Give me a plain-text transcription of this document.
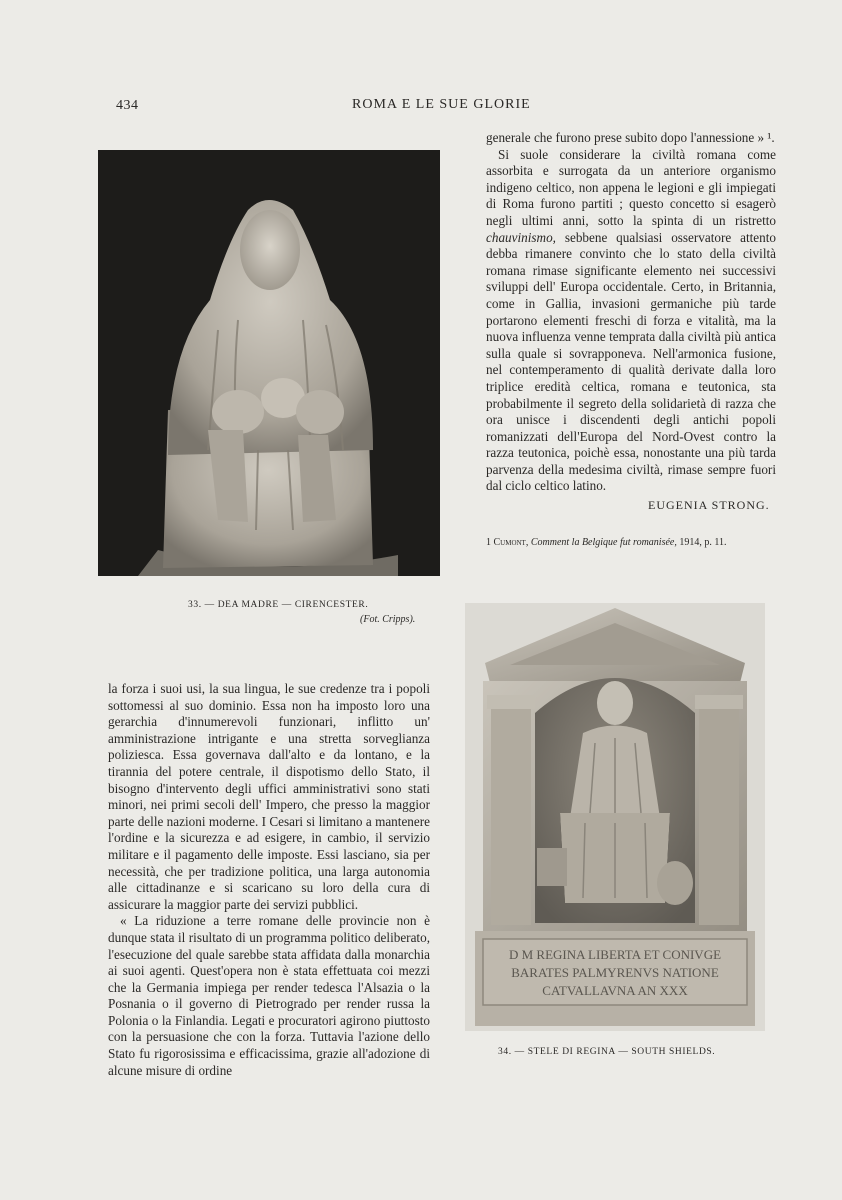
434	ROMA E LE SUE GLORIE
33. — DEA MADRE — CIRENCESTER.
(Fot. Cripps).

generale che furono prese subito dopo l'annessione » ¹.

Si suole considerare la civiltà romana come assorbita e surrogata da un anteriore organismo indigeno celtico, non appena le legioni e gli impiegati di Roma furono partiti ; questo concetto si esagerò negli ultimi anni, sotto la spinta di un ristretto chauvinismo, sebbene qualsiasi osservatore attento debba rimanere convinto che lo stato della civiltà romana rimase significante elemento nei successivi sviluppi dell' Europa occidentale. Certo, in Britannia, come in Gallia, invasioni germaniche più tarde portarono elementi freschi di forza e vitalità, ma la nuova influenza venne temprata dalla civiltà più antica sulla quale si sovrapponeva. Nell'armonica fusione, nel contemperamento di qualità derivate dalla loro triplice eredità celtica, romana e teutonica, sta probabilmente il segreto della solidarietà di razza che ora unisce i discendenti degli antichi popoli romanizzati dell'Europa del Nord-Ovest contro la razza teutonica, poichè essa, nonostante una più tarda parvenza della medesima civiltà, rimase sempre fuori dal ciclo celtico latino.

EUGENIA STRONG.
1 Cumont, Comment la Belgique fut romanisée, 1914, p. 11.
D M REGINA LIBERTA ET CONIVGE
BARATES PALMYRENVS NATIONE
CATVALLAVNA AN XXX
34. — STELE DI REGINA — SOUTH SHIELDS.

la forza i suoi usi, la sua lingua, le sue credenze tra i popoli sottomessi al suo dominio. Essa non ha imposto loro una gerarchia d'innumerevoli funzionari, inflitto un' amministrazione intrigante e una stretta sorveglianza poliziesca. Essa governava dall'alto e da lontano, e la tirannia del potere centrale, il dispotismo dello Stato, il bisogno d'intervento degli uffici amministrativi sono stati minori, nei primi secoli dell' Impero, che presso la maggior parte delle nazioni moderne. I Cesari si limitano a mantenere l'ordine e la sicurezza e ad esigere, in cambio, il servizio militare e il pagamento delle imposte. Essi lasciano, sia per necessità, che per tradizione politica, una larga autonomia alle cittadinanze e si scaricano su loro della cura di assicurare la maggior parte dei servizi pubblici.

« La riduzione a terre romane delle provincie non è dunque stata il risultato di un programma politico deliberato, l'esecuzione del quale sarebbe stata affidata dalla monarchia ai suoi agenti. Quest'opera non è stata effettuata coi mezzi che la Germania impiega per render tedesca l'Alsazia o la Posnania o il governo di Pietrogrado per render russa la Polonia o la Finlandia. Legati e procuratori agirono piuttosto con la persuasione che con la forza. Tuttavia l'azione dello Stato fu rigorosissima e efficacissima, grazie all'adozione di alcune misure di ordine
